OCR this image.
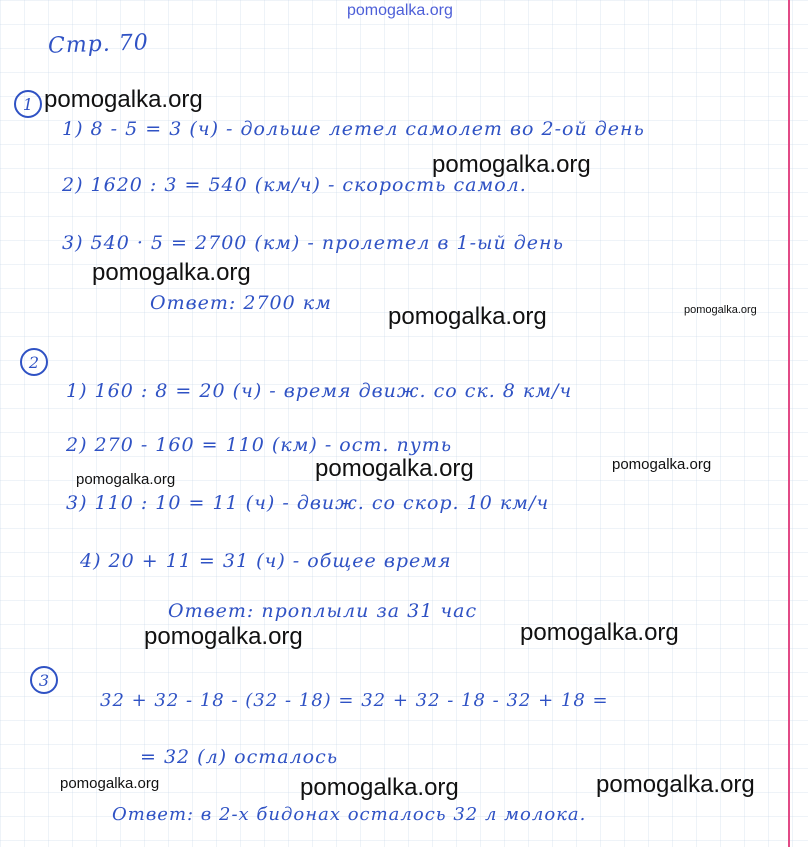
pomogalka.org
Стр. 70
1
1) 8 - 5 = 3 (ч) - дольше летел самолет во 2-ой день
2) 1620 : 3 = 540 (км/ч) - скорость самол.
3) 540 · 5 = 2700 (км) - пролетел в 1-ый день
Ответ: 2700 км
2
1) 160 : 8 = 20 (ч) - время движ. со ск. 8 км/ч
2) 270 - 160 = 110 (км) - ост. путь
3) 110 : 10 = 11 (ч) - движ. со скор. 10 км/ч
4) 20 + 11 = 31 (ч) - общее время
Ответ: проплыли за 31 час
3
32 + 32 - 18 - (32 - 18) = 32 + 32 - 18 - 32 + 18 =
= 32 (л) осталось
Ответ: в 2-х бидонах осталось 32 л молока.
pomogalka.org
pomogalka.org
pomogalka.org
pomogalka.org	pomogalka.org
pomogalka.org	pomogalka.org
pomogalka.org
pomogalka.org	pomogalka.org
pomogalka.org	pomogalka.org	pomogalka.org
